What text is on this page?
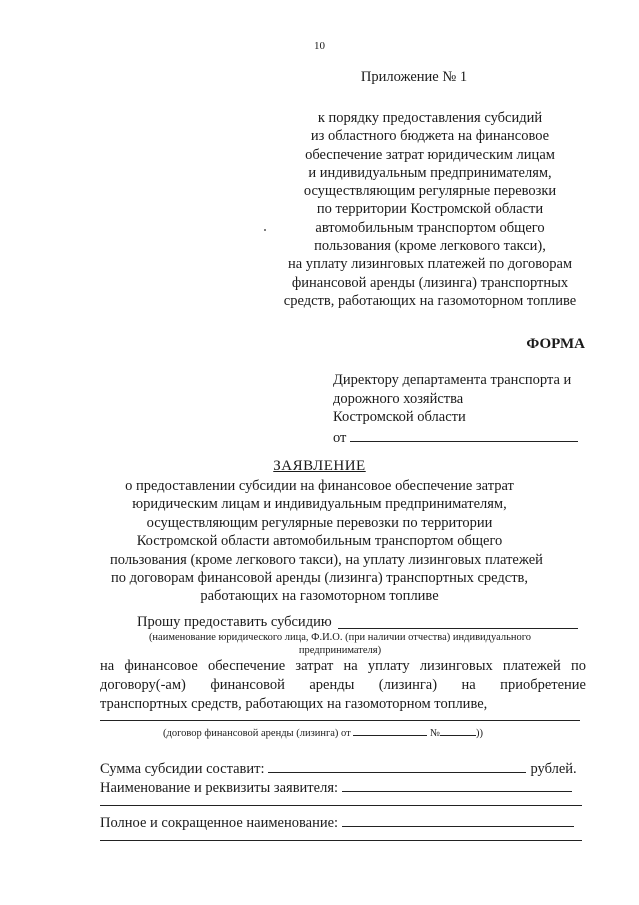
10
Приложение № 1
к порядку предоставления субсидий
из областного бюджета на финансовое
обеспечение затрат юридическим лицам
и индивидуальным предпринимателям,
осуществляющим регулярные перевозки
по территории Костромской области
автомобильным транспортом общего
пользования (кроме легкового такси),
на уплату лизинговых платежей по договорам
финансовой аренды (лизинга) транспортных
средств, работающих на газомоторном топливе
ФОРМА
Директору департамента транспорта и
дорожного хозяйства
Костромской области
от
ЗАЯВЛЕНИЕ
о предоставлении субсидии на финансовое обеспечение затрат
юридическим лицам и индивидуальным предпринимателям,
осуществляющим регулярные перевозки по территории
Костромской области автомобильным транспортом общего
пользования (кроме легкового такси), на уплату лизинговых платежей
по договорам финансовой аренды (лизинга) транспортных средств,
работающих на газомоторном топливе
Прошу предоставить субсидию
(наименование юридического лица, Ф.И.О. (при наличии отчества) индивидуального
предпринимателя)
на финансовое обеспечение затрат на уплату лизинговых платежей по
договору(-ам) финансовой аренды (лизинга) на приобретение
транспортных средств, работающих на газомоторном топливе,
(договор финансовой аренды (лизинга) от	№	))
Сумма субсидии составит:	рублей.
Наименование и реквизиты заявителя:
Полное и сокращенное наименование:
